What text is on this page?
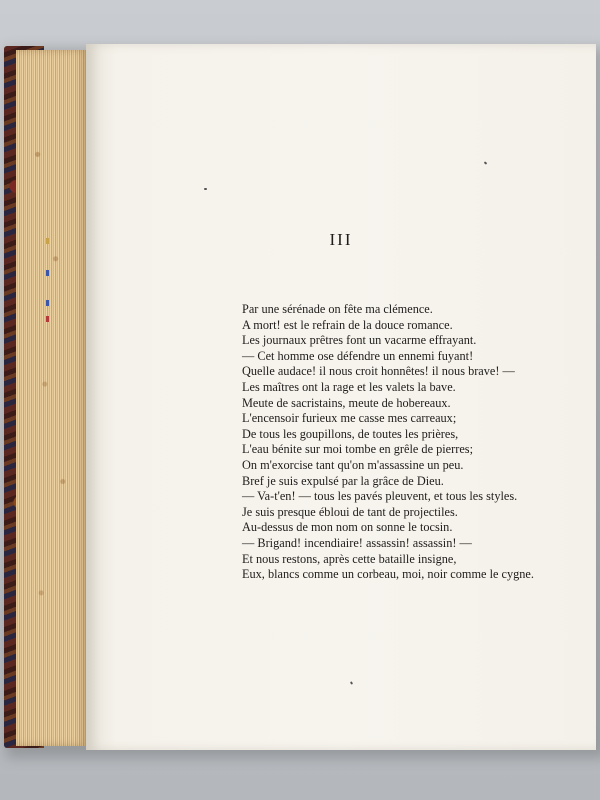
III
Par une sérénade on fête ma clémence.
A mort! est le refrain de la douce romance.
Les journaux prêtres font un vacarme effrayant.
— Cet homme ose défendre un ennemi fuyant!
Quelle audace! il nous croit honnêtes! il nous brave! —
Les maîtres ont la rage et les valets la bave.
Meute de sacristains, meute de hobereaux.
L'encensoir furieux me casse mes carreaux;
De tous les goupillons, de toutes les prières,
L'eau bénite sur moi tombe en grêle de pierres;
On m'exorcise tant qu'on m'assassine un peu.
Bref je suis expulsé par la grâce de Dieu.
— Va-t'en! — tous les pavés pleuvent, et tous les styles.
Je suis presque ébloui de tant de projectiles.
Au-dessus de mon nom on sonne le tocsin.
— Brigand! incendiaire! assassin! assassin! —
Et nous restons, après cette bataille insigne,
Eux, blancs comme un corbeau, moi, noir comme le cygne.
